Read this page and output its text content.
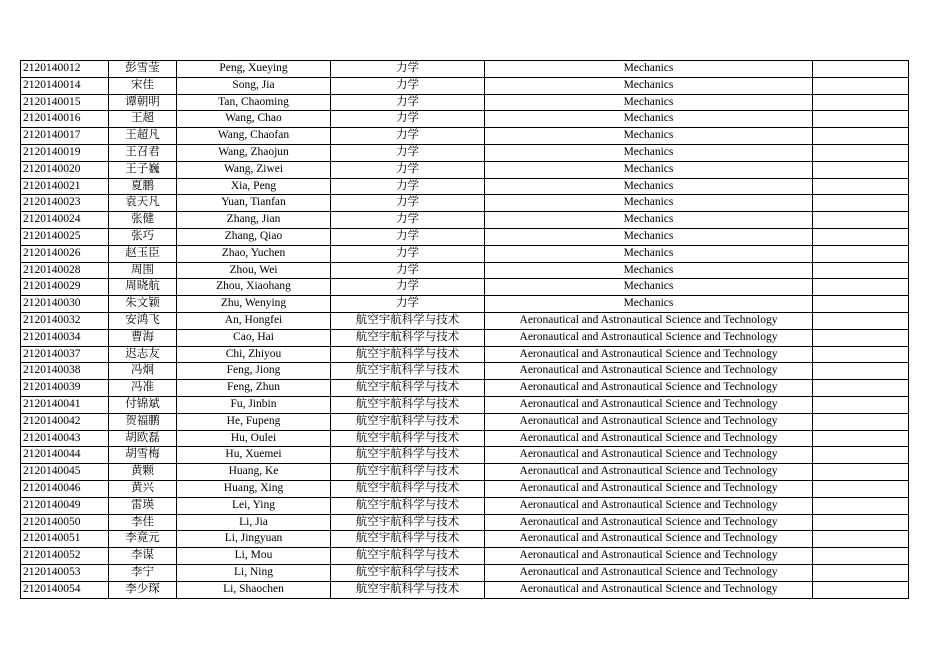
2120140012	彭雪莹	Peng, Xueying	力学	Mechanics	
2120140014	宋佳	Song, Jia	力学	Mechanics	
2120140015	谭朝明	Tan, Chaoming	力学	Mechanics	
2120140016	王超	Wang, Chao	力学	Mechanics	
2120140017	王超凡	Wang, Chaofan	力学	Mechanics	
2120140019	王召君	Wang, Zhaojun	力学	Mechanics	
2120140020	王子巍	Wang, Ziwei	力学	Mechanics	
2120140021	夏鹏	Xia, Peng	力学	Mechanics	
2120140023	袁天凡	Yuan, Tianfan	力学	Mechanics	
2120140024	张健	Zhang, Jian	力学	Mechanics	
2120140025	张巧	Zhang, Qiao	力学	Mechanics	
2120140026	赵玉臣	Zhao, Yuchen	力学	Mechanics	
2120140028	周围	Zhou, Wei	力学	Mechanics	
2120140029	周晓航	Zhou, Xiaohang	力学	Mechanics	
2120140030	朱文颖	Zhu, Wenying	力学	Mechanics	
2120140032	安鸿飞	An, Hongfei	航空宇航科学与技术	Aeronautical and Astronautical Science and Technology	
2120140034	曹海	Cao, Hai	航空宇航科学与技术	Aeronautical and Astronautical Science and Technology	
2120140037	迟志友	Chi, Zhiyou	航空宇航科学与技术	Aeronautical and Astronautical Science and Technology	
2120140038	冯炯	Feng, Jiong	航空宇航科学与技术	Aeronautical and Astronautical Science and Technology	
2120140039	冯准	Feng, Zhun	航空宇航科学与技术	Aeronautical and Astronautical Science and Technology	
2120140041	付锦斌	Fu, Jinbin	航空宇航科学与技术	Aeronautical and Astronautical Science and Technology	
2120140042	贺福鹏	He, Fupeng	航空宇航科学与技术	Aeronautical and Astronautical Science and Technology	
2120140043	胡欧磊	Hu, Oulei	航空宇航科学与技术	Aeronautical and Astronautical Science and Technology	
2120140044	胡雪梅	Hu, Xuemei	航空宇航科学与技术	Aeronautical and Astronautical Science and Technology	
2120140045	黄颗	Huang, Ke	航空宇航科学与技术	Aeronautical and Astronautical Science and Technology	
2120140046	黄兴	Huang, Xing	航空宇航科学与技术	Aeronautical and Astronautical Science and Technology	
2120140049	雷瑛	Lei, Ying	航空宇航科学与技术	Aeronautical and Astronautical Science and Technology	
2120140050	李佳	Li, Jia	航空宇航科学与技术	Aeronautical and Astronautical Science and Technology	
2120140051	李竟元	Li, Jingyuan	航空宇航科学与技术	Aeronautical and Astronautical Science and Technology	
2120140052	李谋	Li, Mou	航空宇航科学与技术	Aeronautical and Astronautical Science and Technology	
2120140053	李宁	Li, Ning	航空宇航科学与技术	Aeronautical and Astronautical Science and Technology	
2120140054	李少琛	Li, Shaochen	航空宇航科学与技术	Aeronautical and Astronautical Science and Technology	
